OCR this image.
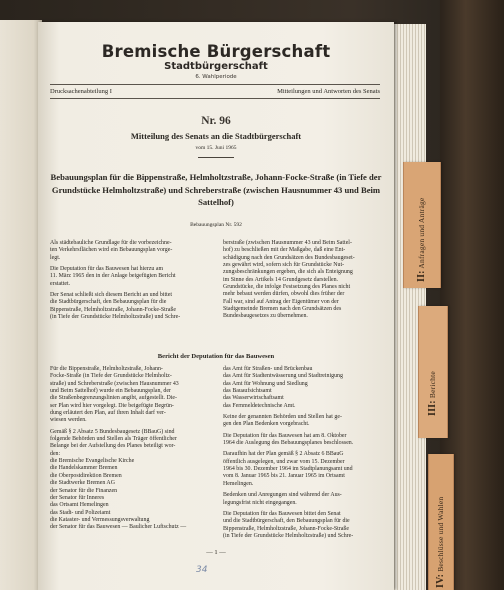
II: Anfragen und Anträge
III: Berichte
IV: Beschlüsse und Wahlen
Bremische Bürgerschaft
Stadtbürgerschaft
6. Wahlperiode
Drucksachenabteilung I	Mitteilungen und Antworten des Senats
Nr. 96
Mitteilung des Senats an die Stadtbürgerschaft
vom 15. Juni 1965
Bebauungsplan für die Bippenstraße, Helmholtzstraße, Johann-Focke-Straße (in Tiefe der
Grundstücke Helmholtzstraße) und Schreberstraße (zwischen Hausnummer 43 und Beim
Sattelhof)
Bebauungsplan Nr. 592

Als städtebauliche Grundlage für die vorbezeichne-

ten Verkehrsflächen wird ein Bebauungsplan vorge-

legt.

Die Deputation für das Bauwesen hat hierzu am

11. März 1965 den in der Anlage beigefügten Bericht

erstattet.

Der Senat schließt sich diesem Bericht an und bittet

die Stadtbürgerschaft, den Bebauungsplan für die

Bippenstraße, Helmholtzstraße, Johann-Focke-Straße

(in Tiefe der Grundstücke Helmholtzstraße) und Schre-

berstraße (zwischen Hausnummer 43 und Beim Sattel-

hof) zu beschließen mit der Maßgabe, daß eine Ent-

schädigung nach den Grundsätzen des Bundesbaugeset-

zes gewährt wird, sofern sich für Grundstücke Nut-

zungsbeschränkungen ergeben, die sich als Enteignung

im Sinne des Artikels 14 Grundgesetz darstellen.

Grundstücke, die infolge Festsetzung des Planes nicht

mehr bebaut werden dürfen, obwohl dies früher der

Fall war, sind auf Antrag der Eigentümer von der

Stadtgemeinde Bremen nach den Grundsätzen des

Bundesbaugesetzes zu übernehmen.

Bericht der Deputation für das Bauwesen

Für die Bippenstraße, Helmholtzstraße, Johann-

Focke-Straße (in Tiefe der Grundstücke Helmholtz-

straße) und Schreberstraße (zwischen Hausnummer 43

und Beim Sattelhof) wurde ein Bebauungsplan, der

die Straßenbegrenzungslinien angibt, aufgestellt. Die-

ser Plan wird hier vorgelegt. Die beigefügte Begrün-

dung erläutert den Plan, auf ihren Inhalt darf ver-

wiesen werden.

Gemäß § 2 Absatz 5 Bundesbaugesetz (BBauG) sind

folgende Behörden und Stellen als Träger öffentlicher

Belange bei der Aufstellung des Planes beteiligt wor-

den:

die Bremische Evangelische Kirche

die Handelskammer Bremen

die Oberpostdirektion Bremen

die Stadtwerke Bremen AG

der Senator für die Finanzen

der Senator für Inneres

das Ortsamt Hemelingen

das Stadt- und Polizeiamt

die Kataster- und Vermessungsverwaltung

der Senator für das Bauwesen — Baulicher Luftschutz —

das Amt für Straßen- und Brückenbau

das Amt für Stadtentwässerung und Stadtreinigung

das Amt für Wohnung und Siedlung

das Bauaufsichtsamt

das Wasserwirtschaftsamt

das Fernmeldetechnische Amt.

Keine der genannten Behörden und Stellen hat ge-

gen den Plan Bedenken vorgebracht.

Die Deputation für das Bauwesen hat am 8. Oktober

1964 die Auslegung des Bebauungsplanes beschlossen.

Daraufhin hat der Plan gemäß § 2 Absatz 6 BBauG

öffentlich ausgelegen, und zwar vom 15. Dezember

1964 bis 30. Dezember 1964 im Stadtplanungsamt und

vom 8. Januar 1965 bis 21. Januar 1965 im Ortsamt

Hemelingen.

Bedenken und Anregungen sind während der Aus-

legungsfrist nicht eingegangen.

Die Deputation für das Bauwesen bittet den Senat

und die Stadtbürgerschaft, den Bebauungsplan für die

Bippenstraße, Helmholtzstraße, Johann-Focke-Straße

(in Tiefe der Grundstücke Helmholtzstraße) und Schre-

— 1 —
34
